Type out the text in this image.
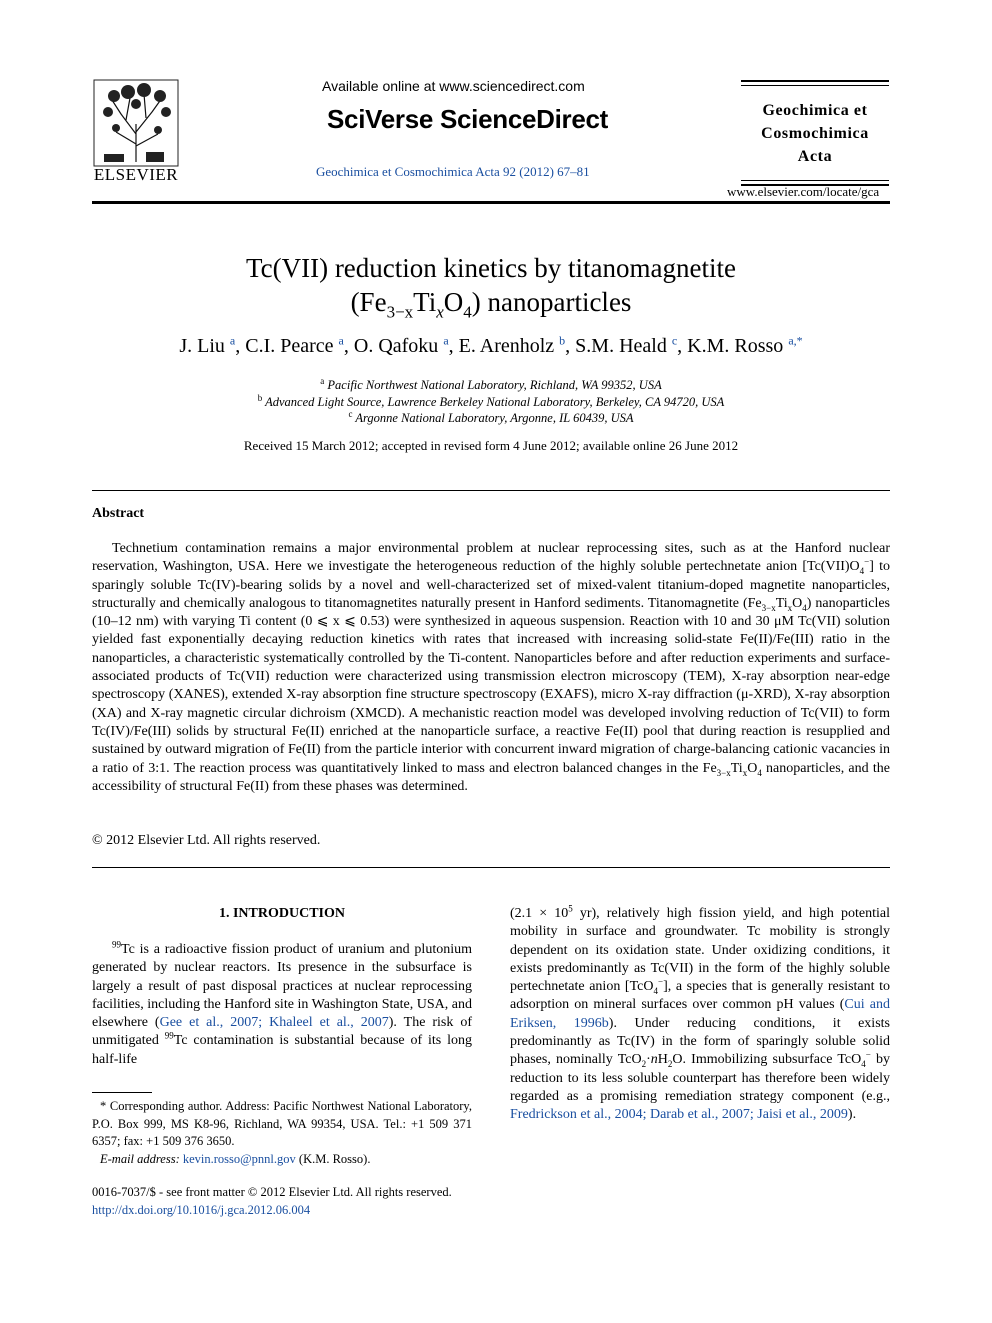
ELSEVIER
Available online at www.sciencedirect.com
SciVerse ScienceDirect
Geochimica et Cosmochimica Acta 92 (2012) 67–81
Geochimica et
Cosmochimica
Acta
www.elsevier.com/locate/gca
Tc(VII) reduction kinetics by titanomagnetite
$(Fe_{3-x}Ti_xO_4)$ nanoparticles
J. Liu $^a$, C.I. Pearce $^a$, O. Qafoku $^a$, E. Arenholz $^b$, S.M. Heald $^c$, K.M. Rosso $^{a,*}$
$^a$ Pacific Northwest National Laboratory, Richland, WA 99352, USA
$^b$ Advanced Light Source, Lawrence Berkeley National Laboratory, Berkeley, CA 94720, USA
$^c$ Argonne National Laboratory, Argonne, IL 60439, USA
Received 15 March 2012; accepted in revised form 4 June 2012; available online 26 June 2012
Abstract

Technetium contamination remains a major environmental problem at nuclear reprocessing sites, such as at the Hanford nuclear reservation, Washington, USA. Here we investigate the heterogeneous reduction of the highly soluble pertechnetate anion $[Tc(VII)O_4^-]$ to sparingly soluble Tc(IV)-bearing solids by a novel and well-characterized set of mixed-valent titanium-doped magnetite nanoparticles, structurally and chemically analogous to titanomagnetites naturally present in Hanford sediments. Titanomagnetite $(Fe_{3-x}Ti_xO_4)$ nanoparticles (10–12 nm) with varying Ti content (0 ⩽ x ⩽ 0.53) were synthesized in aqueous suspension. Reaction with 10 and 30 μM Tc(VII) solution yielded fast exponentially decaying reduction kinetics with rates that increased with increasing solid-state Fe(II)/Fe(III) ratio in the nanoparticles, a characteristic systematically controlled by the Ti-content. Nanoparticles before and after reduction experiments and surface-associated products of Tc(VII) reduction were characterized using transmission electron microscopy (TEM), X-ray absorption near-edge spectroscopy (XANES), extended X-ray absorption fine structure spectroscopy (EXAFS), micro X-ray diffraction (μ-XRD), X-ray absorption (XA) and X-ray magnetic circular dichroism (XMCD). A mechanistic reaction model was developed involving reduction of Tc(VII) to form Tc(IV)/Fe(III) solids by structural Fe(II) enriched at the nanoparticle surface, a reactive Fe(II) pool that during reaction is resupplied and sustained by outward migration of Fe(II) from the particle interior with concurrent inward migration of charge-balancing cationic vacancies in a ratio of 3:1. The reaction process was quantitatively linked to mass and electron balanced changes in the $Fe_{3-x}Ti_xO_4$ nanoparticles, and the accessibility of structural Fe(II) from these phases was determined.

© 2012 Elsevier Ltd. All rights reserved.
1. INTRODUCTION

$^{99}$Tc is a radioactive fission product of uranium and plutonium generated by nuclear reactors. Its presence in the subsurface is largely a result of past disposal practices at nuclear reprocessing facilities, including the Hanford site in Washington State, USA, and elsewhere (Gee et al., 2007; Khaleel et al., 2007). The risk of unmitigated $^{99}$Tc contamination is substantial because of its long half-life

($2.1 \times 10^5$ yr), relatively high fission yield, and high potential mobility in surface and groundwater. Tc mobility is strongly dependent on its oxidation state. Under oxidizing conditions, it exists predominantly as Tc(VII) in the form of the highly soluble pertechnetate anion [TcO$_4$−], a species that is generally resistant to adsorption on mineral surfaces over common pH values (Cui and Eriksen, 1996b). Under reducing conditions, it exists predominantly as Tc(IV) in the form of sparingly soluble solid phases, nominally $TcO_2\cdot nH_2O$. Immobilizing subsurface TcO$_4$− by reduction to its less soluble counterpart has therefore been widely regarded as a promising remediation strategy component (e.g., Fredrickson et al., 2004; Darab et al., 2007; Jaisi et al., 2009).

* Corresponding author. Address: Pacific Northwest National Laboratory, P.O. Box 999, MS K8-96, Richland, WA 99354, USA. Tel.: +1 509 371 6357; fax: +1 509 376 3650.

E-mail address: kevin.rosso@pnnl.gov (K.M. Rosso).

0016-7037/$ - see front matter © 2012 Elsevier Ltd. All rights reserved.
http://dx.doi.org/10.1016/j.gca.2012.06.004
